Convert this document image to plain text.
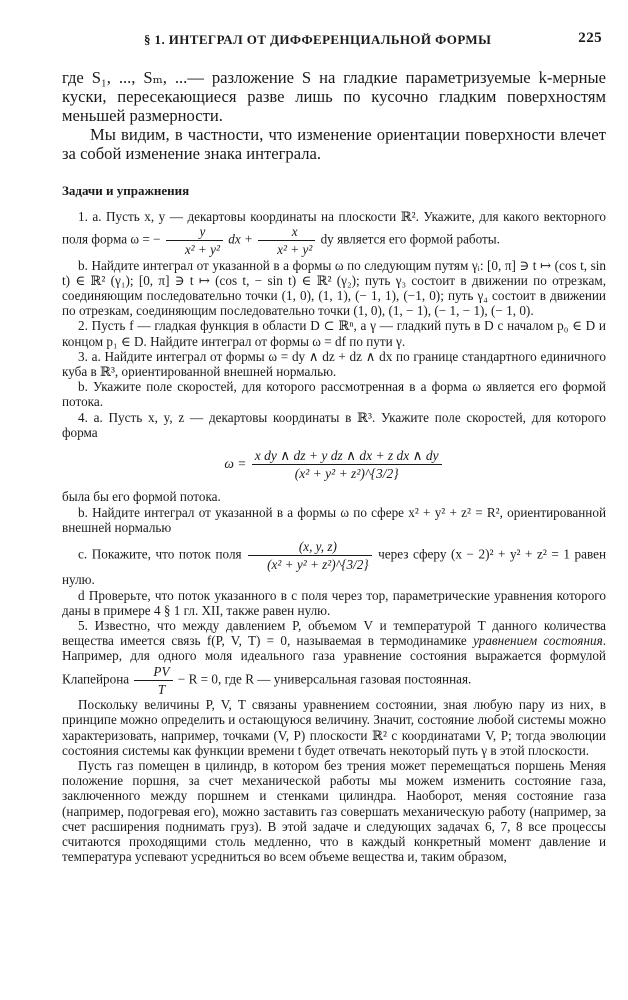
§ 1. ИНТЕГРАЛ ОТ ДИФФЕРЕНЦИАЛЬНОЙ ФОРМЫ	225

где S₁, ..., Sₘ, ...— разложение S на гладкие параметризуемые k-мерные куски, пересекающиеся разве лишь по кусочно гладким поверхностям меньшей размерности.

Мы видим, в частности, что изменение ориентации поверхности влечет за собой изменение знака интеграла.

Задачи и упражнения

1. а. Пусть x, y — декартовы координаты на плоскости ℝ². Укажите, для какого векторного поля форма ω = − $\frac{y}{\text{x² + y²}}$ dx + $\frac{x}{\text{x² + y²}}$ dy является его формой работы.

b. Найдите интеграл от указанной в а формы ω по следующим путям γᵢ: [0, π] ∋ t ↦ (cos t, sin t) ∈ ℝ² (γ₁); [0, π] ∋ t ↦ (cos t, − sin t) ∈ ℝ² (γ₂); путь γ₃ состоит в движении по отрезкам, соединяющим последовательно точки (1, 0), (1, 1), (− 1, 1), (−1, 0); путь γ₄ состоит в движении по отрезкам, соединяющим последовательно точки (1, 0), (1, − 1), (− 1, − 1), (− 1, 0).

2. Пусть f — гладкая функция в области D ⊂ ℝⁿ, а γ — гладкий путь в D с началом p₀ ∈ D и концом p₁ ∈ D. Найдите интеграл от формы ω = df по пути γ.

3. а. Найдите интеграл от формы ω = dy ∧ dz + dz ∧ dx по границе стандартного единичного куба в ℝ³, ориентированной внешней нормалью.

b. Укажите поле скоростей, для которого рассмотренная в а форма ω является его формой потока.

4. а. Пусть x, y, z — декартовы координаты в ℝ³. Укажите поле скоростей, для которого форма

$\omega = \frac{\text{x dy ∧ dz + y dz ∧ dx + z dx ∧ dy}}{\text{(x² + y² + z²)\textasciicircum{}\{3/2\}}}$

была бы его формой потока.

b. Найдите интеграл от указанной в а формы ω по сфере x² + y² + z² = R², ориентированной внешней нормалью

с. Покажите, что поток поля $\frac{(x, y, z)}{\text{(x² + y² + z²)\textasciicircum{}\{3/2\}}}$ через сферу (x − 2)² + y² + z² = 1 равен нулю.

d Проверьте, что поток указанного в с поля через тор, параметрические уравнения которого даны в примере 4 § 1 гл. XII, также равен нулю.

5. Известно, что между давлением P, объемом V и температурой T данного количества вещества имеется связь f(P, V, T) = 0, называемая в термодинамике уравнением состояния. Например, для одного моля идеального газа уравнение состояния выражается формулой Клапейрона $\frac{PV}{T} - R = 0$, где R — универсальная газовая постоянная.

Поскольку величины P, V, T связаны уравнением состоянии, зная любую пару из них, в принципе можно определить и остающуюся величину. Значит, состояние любой системы можно характеризовать, например, точками (V, P) плоскости ℝ² с координатами V, P; тогда эволюции состояния системы как функции времени t будет отвечать некоторый путь γ в этой плоскости.

Пусть газ помещен в цилиндр, в котором без трения может перемещаться поршень Меняя положение поршня, за счет механической работы мы можем изменить состояние газа, заключенного между поршнем и стенками цилиндра. Наоборот, меняя состояние газа (например, подогревая его), можно заставить газ совершать механическую работу (например, за счет расширения поднимать груз). В этой задаче и следующих задачах 6, 7, 8 все процессы считаются проходящими столь медленно, что в каждый конкретный момент давление и температура успевают усредниться во всем объеме вещества и, таким образом,
